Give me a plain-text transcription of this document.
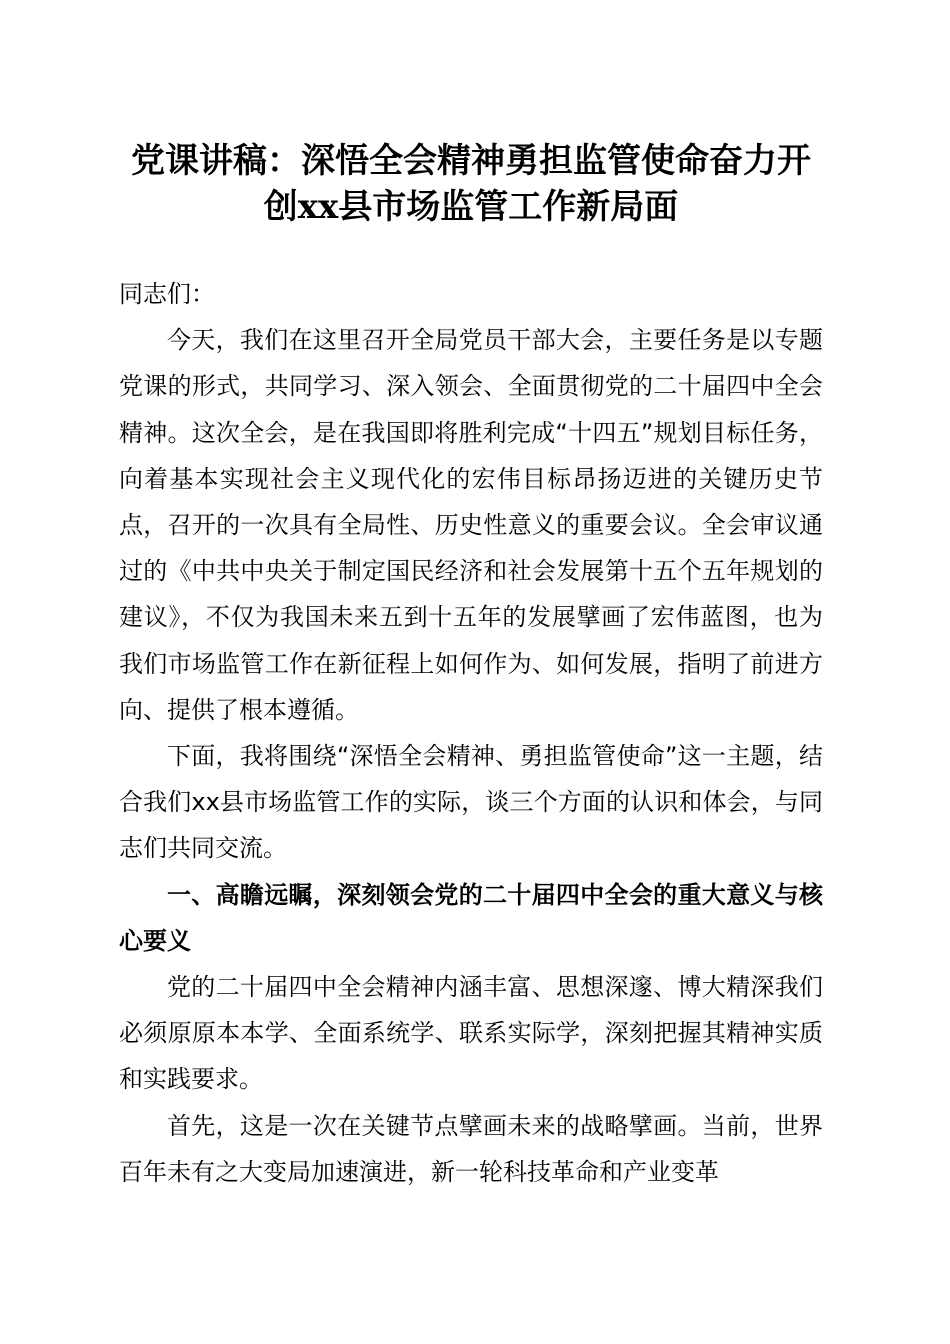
党课讲稿：深悟全会精神勇担监管使命奋力开
创xx县市场监管工作新局面

同志们：

今天，我们在这里召开全局党员干部大会，主要任务是以专题党课的形式，共同学习、深入领会、全面贯彻党的二十届四中全会精神。这次全会，是在我国即将胜利完成“十四五”规划目标任务，向着基本实现社会主义现代化的宏伟目标昂扬迈进的关键历史节点，召开的一次具有全局性、历史性意义的重要会议。全会审议通过的《中共中央关于制定国民经济和社会发展第十五个五年规划的建议》，不仅为我国未来五到十五年的发展擘画了宏伟蓝图，也为我们市场监管工作在新征程上如何作为、如何发展，指明了前进方向、提供了根本遵循。

下面，我将围绕“深悟全会精神、勇担监管使命”这一主题，结合我们xx县市场监管工作的实际，谈三个方面的认识和体会，与同志们共同交流。

一、高瞻远瞩，深刻领会党的二十届四中全会的重大意义与核心要义

党的二十届四中全会精神内涵丰富、思想深邃、博大精深我们必须原原本本学、全面系统学、联系实际学，深刻把握其精神实质和实践要求。

首先，这是一次在关键节点擘画未来的战略擘画。当前，世界百年未有之大变局加速演进，新一轮科技革命和产业变革
